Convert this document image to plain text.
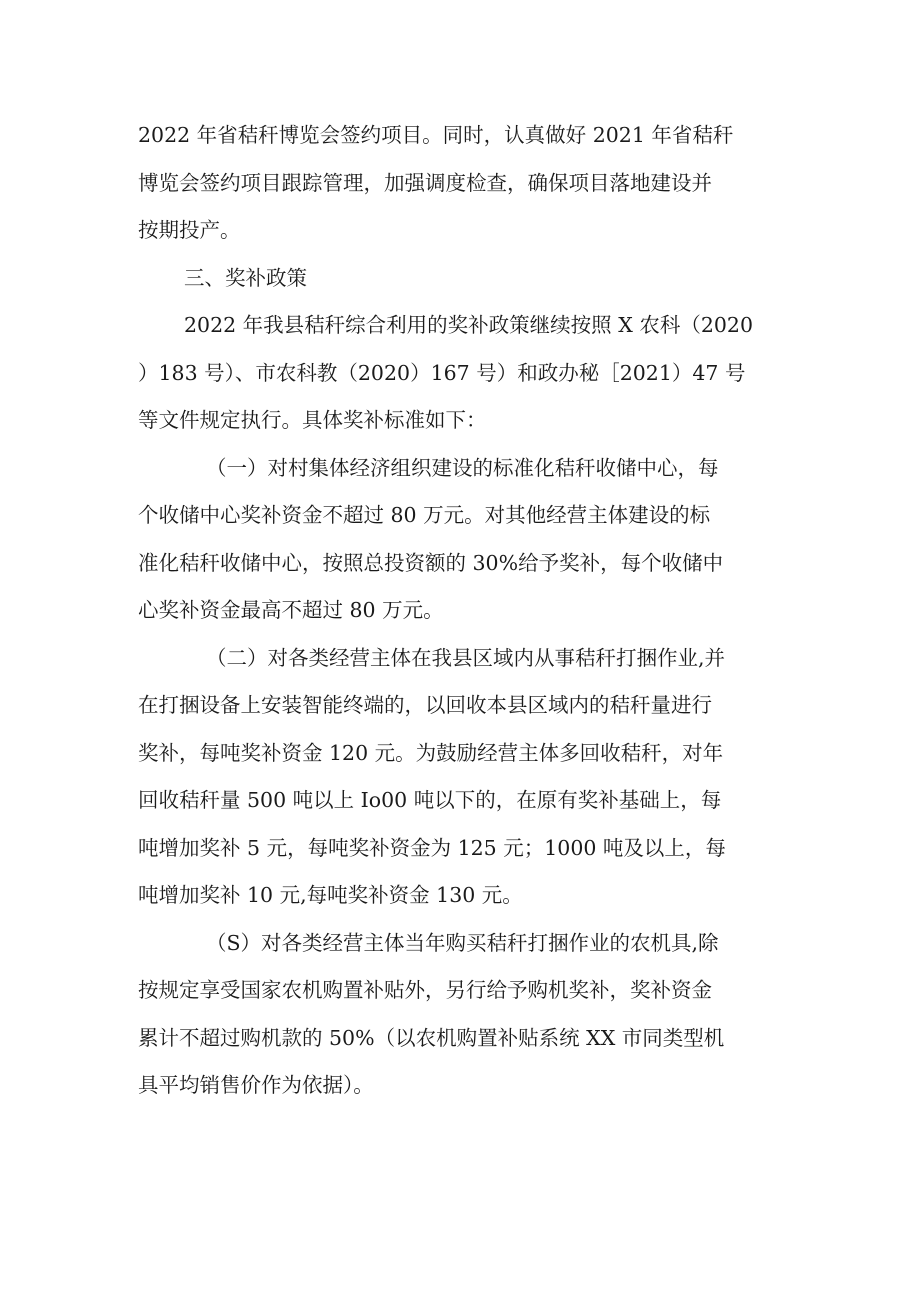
2022 年省秸秆博览会签约项目。同时，认真做好 2021 年省秸秆
博览会签约项目跟踪管理，加强调度检查，确保项目落地建设并
按期投产。
三、奖补政策
2022 年我县秸秆综合利用的奖补政策继续按照 X 农科（2020
）183 号）、市农科教（2020）167 号）和政办秘［2021）47 号
等文件规定执行。具体奖补标准如下：
（一）对村集体经济组织建设的标准化秸秆收储中心，每
个收储中心奖补资金不超过 80 万元。对其他经营主体建设的标
准化秸秆收储中心，按照总投资额的 30%给予奖补，每个收储中
心奖补资金最高不超过 80 万元。
（二）对各类经营主体在我县区域内从事秸秆打捆作业,并
在打捆设备上安装智能终端的，以回收本县区域内的秸秆量进行
奖补，每吨奖补资金 120 元。为鼓励经营主体多回收秸秆，对年
回收秸秆量 500 吨以上 Io00 吨以下的，在原有奖补基础上，每
吨增加奖补 5 元，每吨奖补资金为 125 元；1000 吨及以上，每
吨增加奖补 10 元,每吨奖补资金 130 元。
（S）对各类经营主体当年购买秸秆打捆作业的农机具,除
按规定享受国家农机购置补贴外，另行给予购机奖补，奖补资金
累计不超过购机款的 50%（以农机购置补贴系统 XX 市同类型机
具平均销售价作为依据）。
